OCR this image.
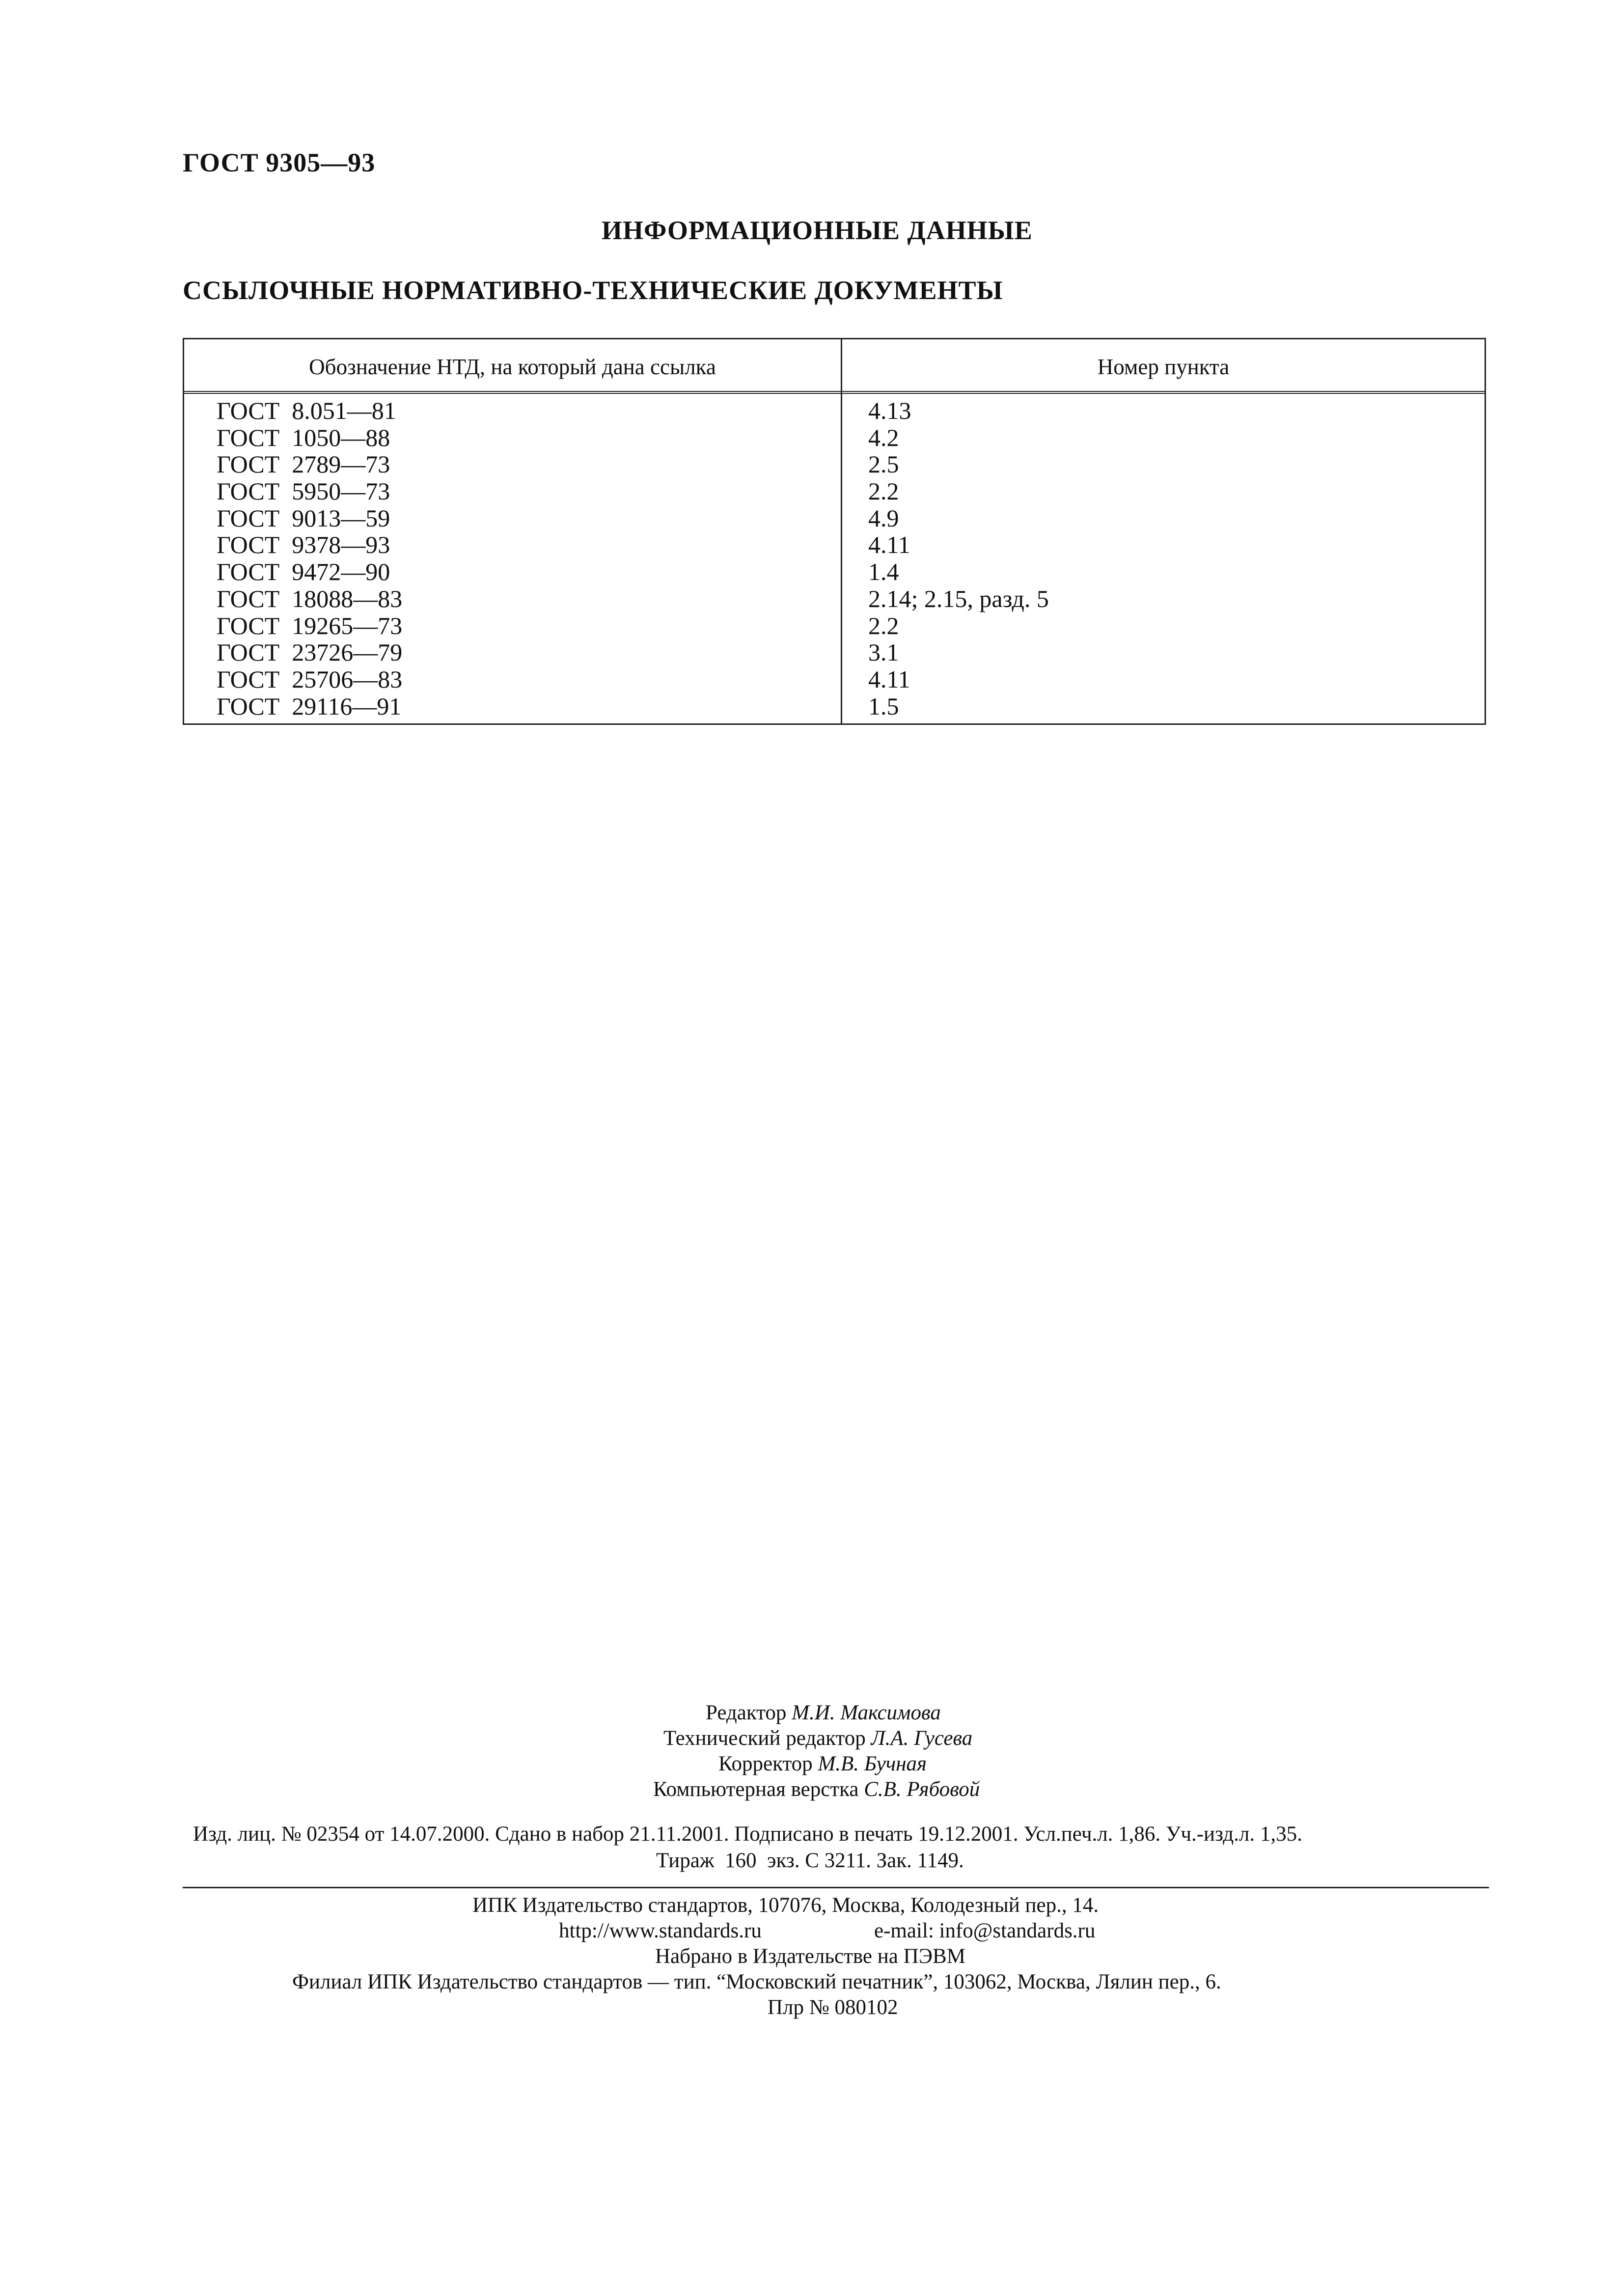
ГОСТ 9305—93
ИНФОРМАЦИОННЫЕ ДАННЫЕ
ССЫЛОЧНЫЕ НОРМАТИВНО-ТЕХНИЧЕСКИЕ ДОКУМЕНТЫ
Обозначение НТД, на который дана ссылка	Номер пункта
ГОСТ  8.051—81	4.13
ГОСТ  1050—88	4.2
ГОСТ  2789—73	2.5
ГОСТ  5950—73	2.2
ГОСТ  9013—59	4.9
ГОСТ  9378—93	4.11
ГОСТ  9472—90	1.4
ГОСТ  18088—83	2.14; 2.15, разд. 5
ГОСТ  19265—73	2.2
ГОСТ  23726—79	3.1
ГОСТ  25706—83	4.11
ГОСТ  29116—91	1.5
Редактор М.И. Максимова
Технический редактор Л.А. Гусева
Корректор М.В. Бучная
Компьютерная верстка С.В. Рябовой
Изд. лиц. № 02354 от 14.07.2000. Сдано в набор 21.11.2001. Подписано в печать 19.12.2001. Усл.печ.л. 1,86. Уч.-изд.л. 1,35.
Тираж  160  экз. С 3211. Зак. 1149.
ИПК Издательство стандартов, 107076, Москва, Колодезный пер., 14.
http://www.standards.ru	e-mail: info@standards.ru
Набрано в Издательстве на ПЭВМ
Филиал ИПК Издательство стандартов — тип. “Московский печатник”, 103062, Москва, Лялин пер., 6.
Плр № 080102
